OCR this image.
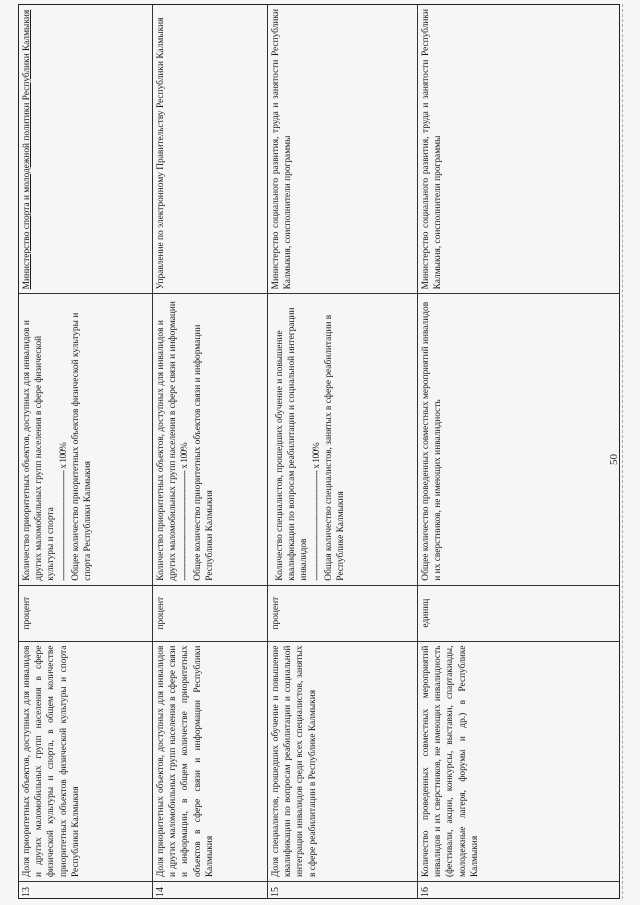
13
Доля приоритетных объектов, доступных для инвалидов и других маломобильных групп населения в сфере физической культуры и спорта, в общем количестве приоритетных объектов физической культуры и спорта Республики Калмыкия
процент
Количество приоритетных объектов, доступных для инвалидов и других маломобильных групп населения в сфере физической культуры и спорта ------------------------------------------ x 100% Общее количество приоритетных объектов физической культуры и спорта Республики Калмыкия
Министерство спорта и молодежной политики Республики Калмыкия
14
Доля приоритетных объектов, доступных для инвалидов и других маломобильных групп населения в сфере связи и информации, в общем количестве приоритетных объектов в сфере связи и информации Республики Калмыкия
процент
Количество приоритетных объектов, доступных для инвалидов и других маломобильных групп населения в сфере связи и информации ------------------------------------------ x 100% Общее количество приоритетных объектов связи и информации Республики Калмыкия
Управление по электронному Правительству Республики Калмыкия
15
Доля специалистов, прошедших обучение и повышение квалификации по вопросам реабилитации и социальной интеграции инвалидов среди всех специалистов, занятых в сфере реабилитации в Республике Калмыкия
процент
Количество специалистов, прошедших обучение и повышение квалификации по вопросам реабилитации и социальной интеграции инвалидов ------------------------------------------ x 100% Общая количество специалистов, занятых в сфере реабилитации в Республике Калмыкия
Министерство социального развития, труда и занятости Республики Калмыкия, соисполнители программы
16
Количество проведенных совместных мероприятий инвалидов и их сверстников, не имеющих инвалидность (фестивали, акции, конкурсы, выставки, спартакиады, молодежные лагеря, форумы и др.) в Республике Калмыкия
единиц
Общее количество проведенных совместных мероприятий инвалидов и их сверстников, не имеющих инвалидность
Министерство социального развития, труда и занятости Республики Калмыкия, соисполнители программы
50
